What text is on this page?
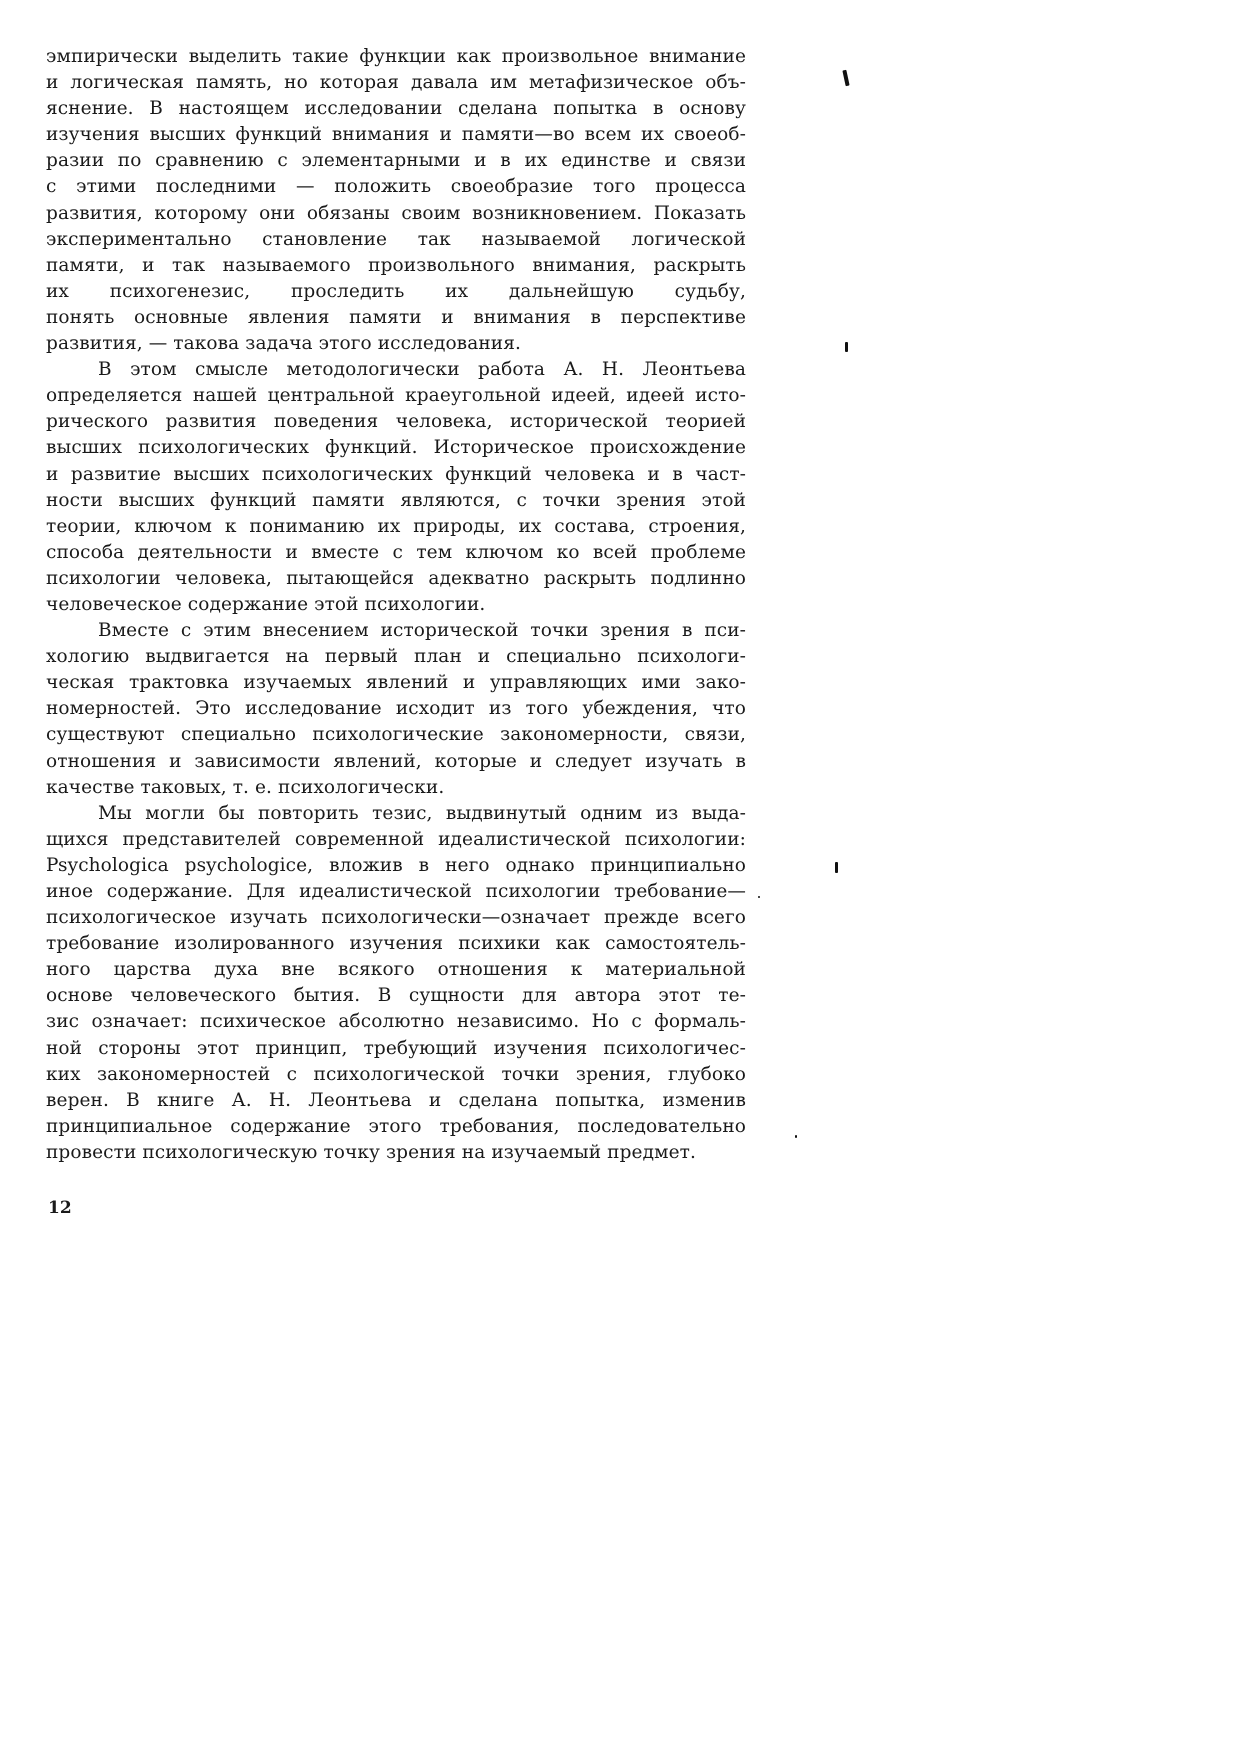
эмпирически выделить такие функции как произвольное внимание
и логическая память, но которая давала им метафизическое объ-
яснение. В настоящем исследовании сделана попытка в основу
изучения высших функций внимания и памяти—во всем их своеоб-
разии по сравнению с элементарными и в их единстве и связи
с этими последними — положить своеобразие того процесса
развития, которому они обязаны своим возникновением. Показать
экспериментально становление так называемой логической
памяти, и так называемого произвольного внимания, раскрыть
их психогенезис, проследить их дальнейшую судьбу,
понять основные явления памяти и внимания в перспективе
развития, — такова задача этого исследования.
В этом смысле методологически работа А. Н. Леонтьева
определяется нашей центральной краеугольной идеей, идеей исто-
рического развития поведения человека, исторической теорией
высших психологических функций. Историческое происхождение
и развитие высших психологических функций человека и в част-
ности высших функций памяти являются, с точки зрения этой
теории, ключом к пониманию их природы, их состава, строения,
способа деятельности и вместе с тем ключом ко всей проблеме
психологии человека, пытающейся адекватно раскрыть подлинно
человеческое содержание этой психологии.
Вместе с этим внесением исторической точки зрения в пси-
хологию выдвигается на первый план и специально психологи-
ческая трактовка изучаемых явлений и управляющих ими зако-
номерностей. Это исследование исходит из того убеждения, что
существуют специально психологические закономерности, связи,
отношения и зависимости явлений, которые и следует изучать в
качестве таковых, т. е. психологически.
Мы могли бы повторить тезис, выдвинутый одним из выда-
щихся представителей современной идеалистической психологии:
Psychologica psychologice, вложив в него однако принципиально
иное содержание. Для идеалистической психологии требование—
психологическое изучать психологически—означает прежде всего
требование изолированного изучения психики как самостоятель-
ного царства духа вне всякого отношения к материальной
основе человеческого бытия. В сущности для автора этот те-
зис означает: психическое абсолютно независимо. Но с формаль-
ной стороны этот принцип, требующий изучения психологичес-
ких закономерностей с психологической точки зрения, глубоко
верен. В книге А. Н. Леонтьева и сделана попытка, изменив
принципиальное содержание этого требования, последовательно
провести психологическую точку зрения на изучаемый предмет.
12
